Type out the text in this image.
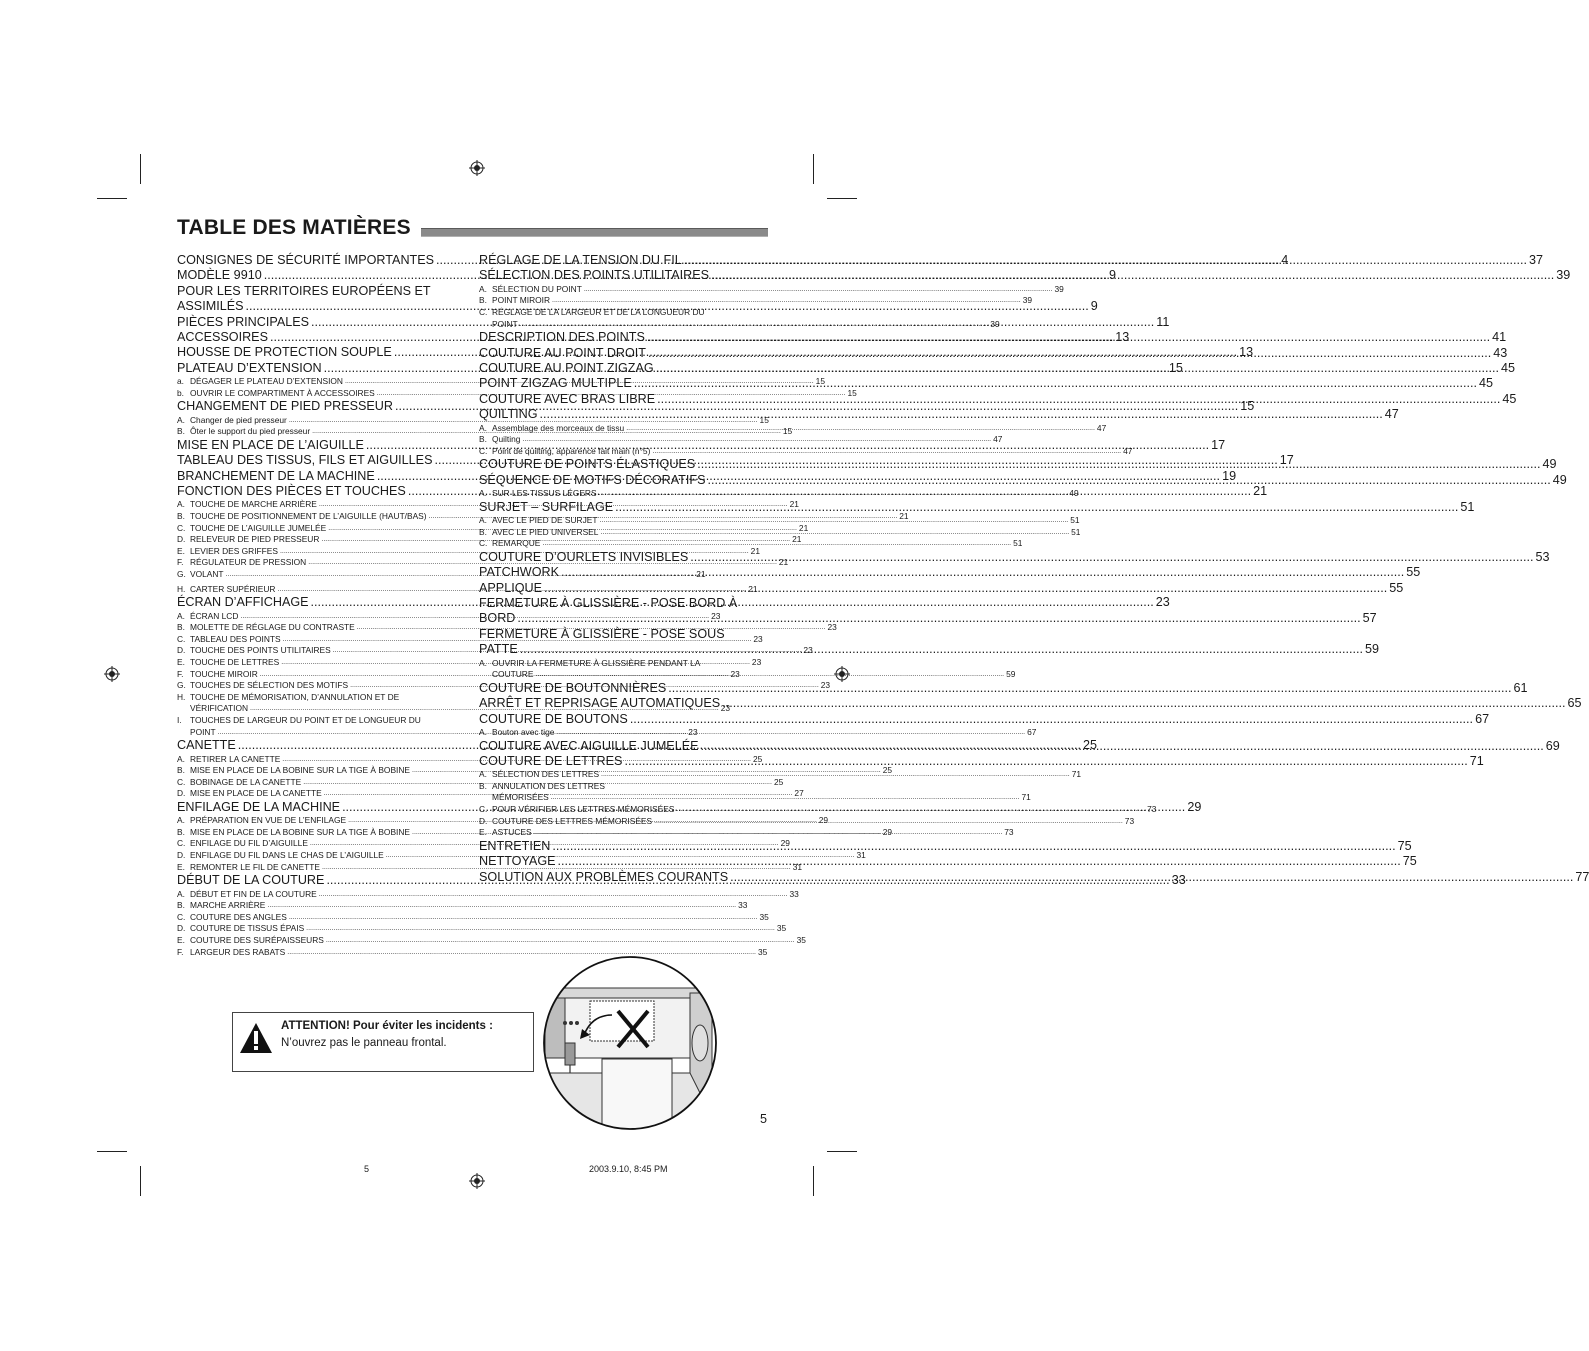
TABLE DES MATIÈRES
CONSIGNES DE SÉCURITÉ IMPORTANTES .....	4
MODÈLE 9910 .....	9
POUR LES TERRITOIRES EUROPÉENS ET
ASSIMILÉS .....	9
PIÈCES PRINCIPALES .....	11
ACCESSOIRES .....	13
HOUSSE DE PROTECTION SOUPLE .....	13
PLATEAU D’EXTENSION .....	15
a. DÉGAGER LE PLATEAU D’EXTENSION .....	15
b. OUVRIR LE COMPARTIMENT À ACCESSOIRES .....	15
CHANGEMENT DE PIED PRESSEUR .....	15
A. Changer de pied presseur .....	15
B. Ôter le support du pied presseur .....	15
MISE EN PLACE DE L’AIGUILLE .....	17
TABLEAU DES TISSUS, FILS ET AIGUILLES .....	17
BRANCHEMENT DE LA MACHINE .....	19
FONCTION DES PIÈCES ET TOUCHES .....	21
A. TOUCHE DE MARCHE ARRIÈRE .....	21
B. TOUCHE DE POSITIONNEMENT DE L’AIGUILLE (HAUT/BAS) .....	21
C. TOUCHE DE L’AIGUILLE JUMELÉE .....	21
D. RELEVEUR DE PIED PRESSEUR .....	21
E. LEVIER DES GRIFFES .....	21
F. RÉGULATEUR DE PRESSION .....	21
G. VOLANT .....	21
H. CARTER SUPÉRIEUR .....	21
ÉCRAN D’AFFICHAGE .....	23
A. ÉCRAN LCD .....	23
B. MOLETTE DE RÉGLAGE DU CONTRASTE .....	23
C. TABLEAU DES POINTS .....	23
D. TOUCHE DES POINTS UTILITAIRES .....	23
E. TOUCHE DE LETTRES .....	23
F. TOUCHE MIROIR .....	23
G. TOUCHES DE SÉLECTION DES MOTIFS .....	23
H. TOUCHE DE MÉMORISATION, D’ANNULATION ET DE
VÉRIFICATION .....	23
I. TOUCHES DE LARGEUR DU POINT ET DE LONGUEUR DU
POINT .....	23
CANETTE .....	25
A. RETIRER LA CANETTE .....	25
B. MISE EN PLACE DE LA BOBINE SUR LA TIGE À BOBINE .....	25
C. BOBINAGE DE LA CANETTE .....	25
D. MISE EN PLACE DE LA CANETTE .....	27
ENFILAGE DE LA MACHINE .....	29
A. PRÉPARATION EN VUE DE L’ENFILAGE .....	29
B. MISE EN PLACE DE LA BOBINE SUR LA TIGE À BOBINE .....	29
C. ENFILAGE DU FIL D’AIGUILLE .....	29
D. ENFILAGE DU FIL DANS LE CHAS DE L’AIGUILLE .....	31
E. REMONTER LE FIL DE CANETTE .....	31
DÉBUT DE LA COUTURE .....	33
A. DÉBUT ET FIN DE LA COUTURE .....	33
B. MARCHE ARRIÈRE .....	33
C. COUTURE DES ANGLES .....	35
D. COUTURE DE TISSUS ÉPAIS .....	35
E. COUTURE DES SURÉPAISSEURS .....	35
F. LARGEUR DES RABATS .....	35
RÉGLAGE DE LA TENSION DU FIL .....	37
SÉLECTION DES POINTS UTILITAIRES .....	39
A. SÉLECTION DU POINT .....	39
B. POINT MIROIR .....	39
C. RÉGLAGE DE LA LARGEUR ET DE LA LONGUEUR DU
POINT .....	39
DESCRIPTION DES POINTS .....	41
COUTURE AU POINT DROIT .....	43
COUTURE AU POINT ZIGZAG .....	45
POINT ZIGZAG MULTIPLE .....	45
COUTURE AVEC BRAS LIBRE .....	45
QUILTING .....	47
A. Assemblage des morceaux de tissu .....	47
B. Quilting .....	47
C. Point de quilting, apparence fait main (n°5) .....	47
COUTURE DE POINTS ÉLASTIQUES .....	49
SÉQUENCE DE MOTIFS DÉCORATIFS .....	49
A. SUR LES TISSUS LÉGERS .....	49
SURJET – SURFILAGE .....	51
A. AVEC LE PIED DE SURJET .....	51
B. AVEC LE PIED UNIVERSEL .....	51
C. REMARQUE .....	51
COUTURE D’OURLETS INVISIBLES .....	53
PATCHWORK .....	55
APPLIQUE .....	55
FERMETURE À GLISSIÈRE - POSE BORD À
BORD .....	57
FERMETURE À GLISSIÈRE - POSE SOUS
PATTE .....	59
A. OUVRIR LA FERMETURE À GLISSIÈRE PENDANT LA
COUTURE .....	59
COUTURE DE BOUTONNIÈRES .....	61
ARRÊT ET REPRISAGE AUTOMATIQUES .....	65
COUTURE DE BOUTONS .....	67
A. Bouton avec tige .....	67
COUTURE AVEC AIGUILLE JUMELÉE .....	69
COUTURE DE LETTRES .....	71
A. SÉLECTION DES LETTRES .....	71
B. ANNULATION DES LETTRES
MÉMORISÉES .....	71
C. POUR VÉRIFIER LES LETTRES MÉMORISÉES .....	73
D. COUTURE DES LETTRES MÉMORISÉES .....	73
E. ASTUCES .....	73
ENTRETIEN .....	75
NETTOYAGE .....	75
SOLUTION AUX PROBLÈMES COURANTS .....	77
ATTENTION! Pour éviter les incidents :
N’ouvrez pas le panneau frontal.
5
5	2003.9.10, 8:45 PM
